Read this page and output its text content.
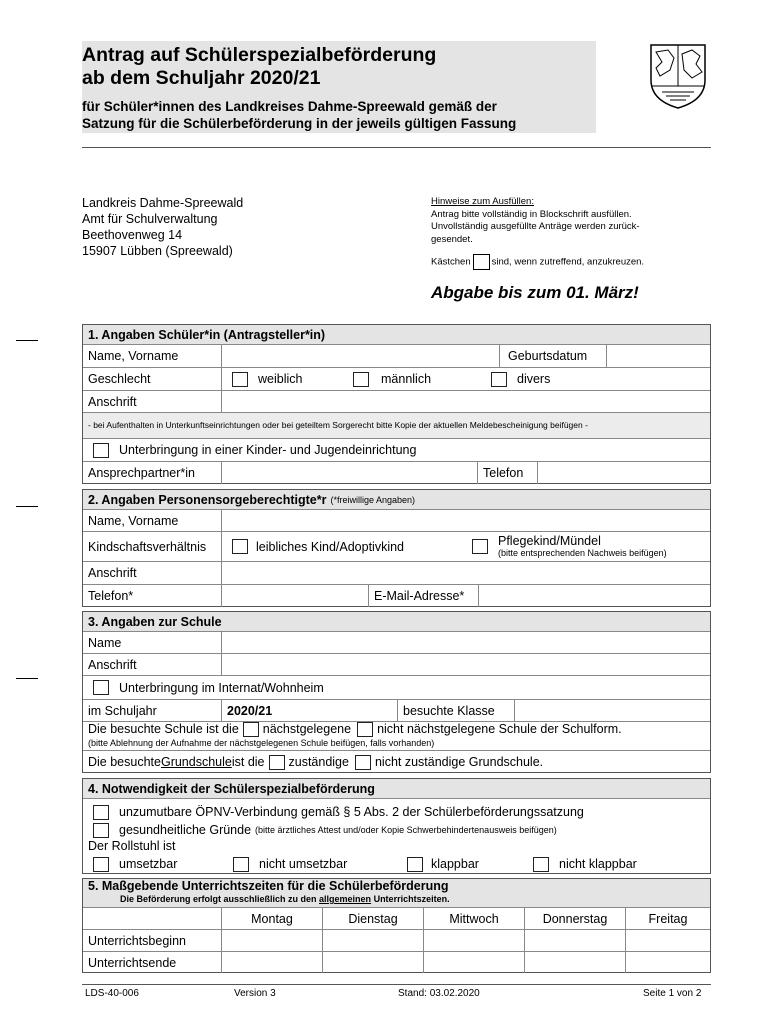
Antrag auf Schülerspezialbeförderung
ab dem Schuljahr 2020/21
für Schüler*innen des Landkreises Dahme-Spreewald gemäß der
Satzung für die Schülerbeförderung in der jeweils gültigen Fassung
Landkreis Dahme-Spreewald
Amt für Schulverwaltung
Beethovenweg 14
15907 Lübben (Spreewald)
Hinweise zum Ausfüllen:
Antrag bitte vollständig in Blockschrift ausfüllen.
Unvollständig ausgefüllte Anträge werden zurück-
gesendet.
Kästchen sind, wenn zutreffend, anzukreuzen.
Abgabe bis zum 01. März!
1. Angaben Schüler*in (Antragsteller*in)
Name, Vorname	Geburtsdatum
Geschlecht	weiblich	männlich	divers
Anschrift
- bei Aufenthalten in Unterkunftseinrichtungen oder bei geteiltem Sorgerecht bitte Kopie der aktuellen Meldebescheinigung beifügen -
Unterbringung in einer Kinder- und Jugendeinrichtung
Ansprechpartner*in	Telefon
2. Angaben Personensorgeberechtigte*r (*freiwillige Angaben)
Name, Vorname
Kindschaftsverhältnis	leibliches Kind/Adoptivkind	Pflegekind/Mündel
(bitte entsprechenden Nachweis beifügen)
Anschrift
Telefon*	E-Mail-Adresse*
3. Angaben zur Schule
Name
Anschrift
Unterbringung im Internat/Wohnheim
im Schuljahr	2020/21	besuchte Klasse
Die besuchte Schule ist die nächstgelegene nicht nächstgelegene Schule der Schulform.
(bitte Ablehnung der Aufnahme der nächstgelegenen Schule beifügen, falls vorhanden)
Die besuchte Grundschule ist die zuständige nicht zuständige Grundschule.
4. Notwendigkeit der Schülerspezialbeförderung
unzumutbare ÖPNV-Verbindung gemäß § 5 Abs. 2 der Schülerbeförderungssatzung
gesundheitliche Gründe (bitte ärztliches Attest und/oder Kopie Schwerbehindertenausweis beifügen)
Der Rollstuhl ist
umsetzbar	nicht umsetzbar	klappbar	nicht klappbar
5. Maßgebende Unterrichtszeiten für die Schülerbeförderung
Die Beförderung erfolgt ausschließlich zu den allgemeinen Unterrichtszeiten.
Montag	Dienstag	Mittwoch	Donnerstag	Freitag
Unterrichtsbeginn
Unterrichtsende
LDS-40-006	Version 3	Stand: 03.02.2020	Seite 1 von 2
